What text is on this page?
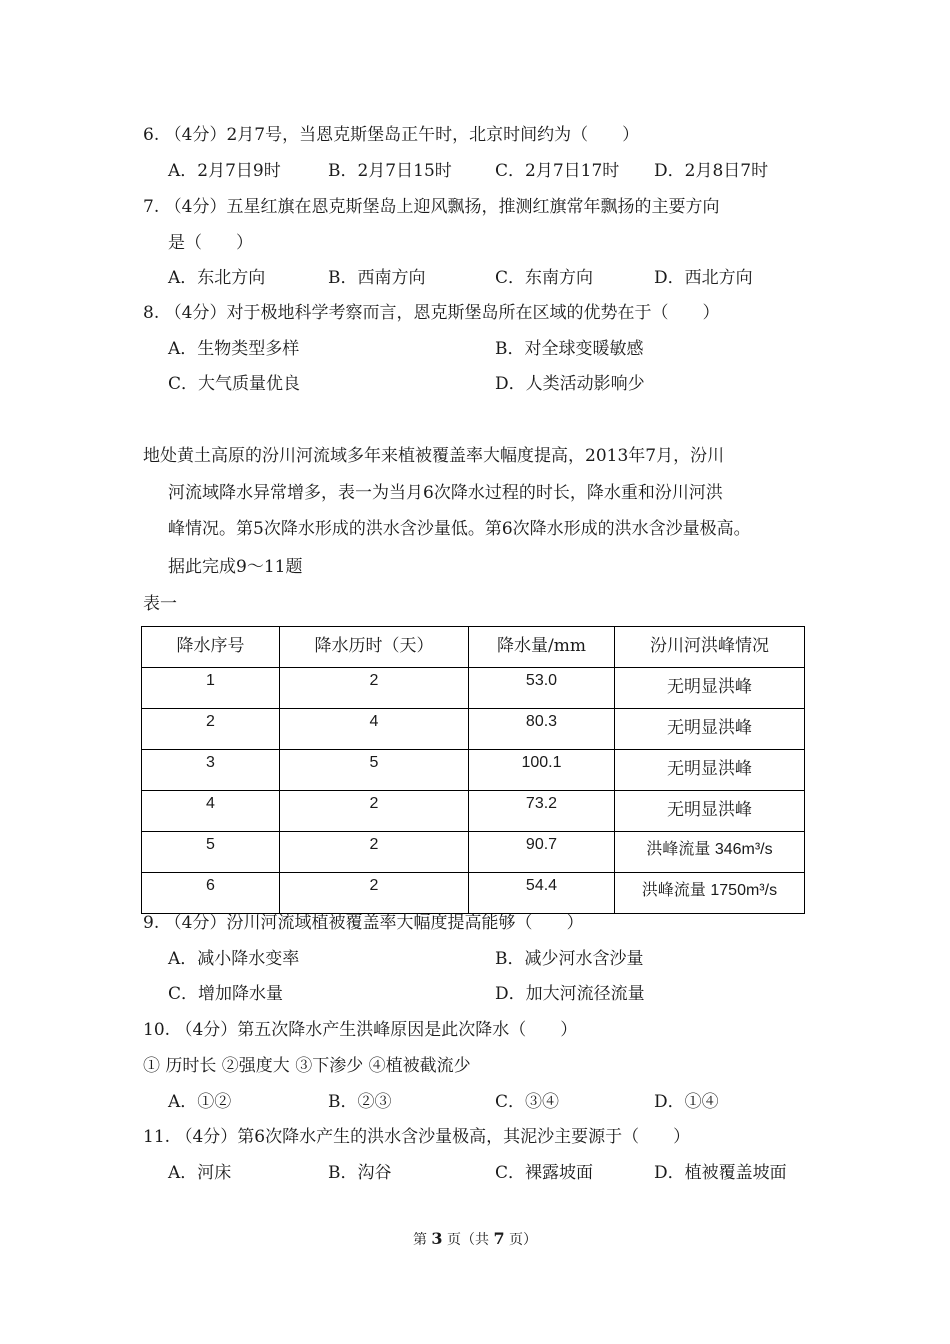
6. （4分）2月7号，当恩克斯堡岛正午时，北京时间约为（　　）
A．2月7日9时	B．2月7日15时	C．2月7日17时 D．2月8日7时
7. （4分）五星红旗在恩克斯堡岛上迎风飘扬，推测红旗常年飘扬的主要方向
是（　　）
A．东北方向	B．西南方向	C．东南方向	D．西北方向
8. （4分）对于极地科学考察而言，恩克斯堡岛所在区域的优势在于（　　）
A．生物类型多样	B．对全球变暖敏感
C．大气质量优良	D．人类活动影响少
地处黄土高原的汾川河流域多年来植被覆盖率大幅度提高，2013年7月，汾川
河流域降水异常增多，表一为当月6次降水过程的时长，降水重和汾川河洪
峰情况。第5次降水形成的洪水含沙量低。第6次降水形成的洪水含沙量极高。
据此完成9～11题
表一
降水序号	降水历时（天）	降水量/mm	汾川河洪峰情况
1	2	53.0	无明显洪峰
2	4	80.3	无明显洪峰
3	5	100.1	无明显洪峰
4	2	73.2	无明显洪峰
5	2	90.7	洪峰流量 346m³/s
6	2	54.4	洪峰流量 1750m³/s
9. （4分）汾川河流域植被覆盖率大幅度提高能够（　　）
A．减小降水变率	B．减少河水含沙量
C．增加降水量	D．加大河流径流量
10. （4分）第五次降水产生洪峰原因是此次降水（　　）
① 历时长 ②强度大 ③下渗少 ④植被截流少
A．①②	B．②③	C．③④	D．①④
11. （4分）第6次降水产生的洪水含沙量极高，其泥沙主要源于（　　）
A．河床	B．沟谷	C．裸露坡面	D．植被覆盖坡面
第 3 页（共 7 页）
